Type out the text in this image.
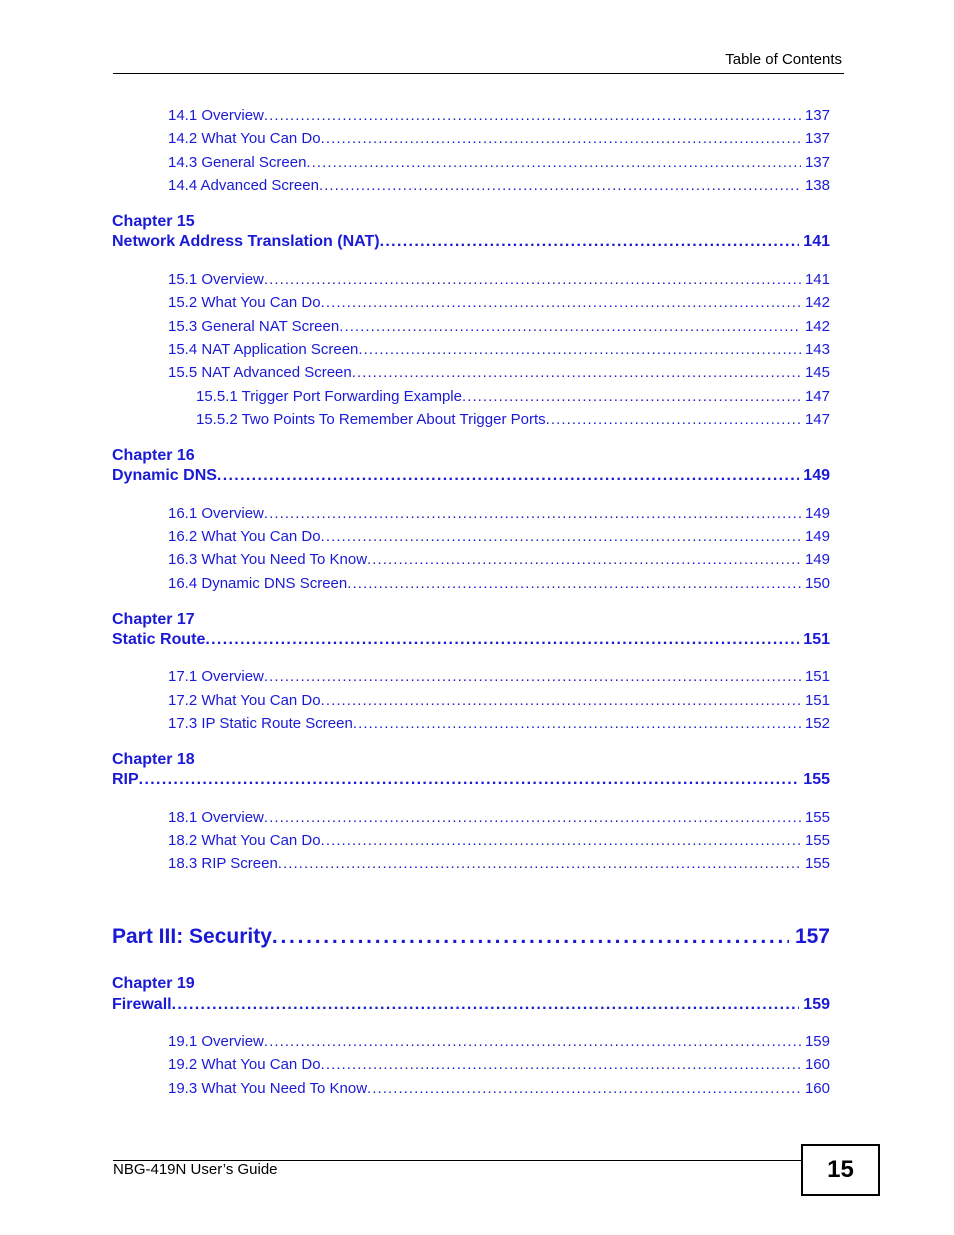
Table of Contents
14.1 Overview . . .	137
14.2 What You Can Do . . .	137
14.3 General Screen . . .	137
14.4 Advanced Screen . . .	138
Chapter 15
Network Address Translation (NAT) . . .	141
15.1 Overview . . .	141
15.2 What You Can Do . . .	142
15.3 General NAT Screen . . .	142
15.4 NAT Application Screen . . .	143
15.5 NAT Advanced Screen . . .	145
15.5.1 Trigger Port Forwarding Example . . .	147
15.5.2 Two Points To Remember About Trigger Ports . . .	147
Chapter 16
Dynamic DNS . . .	149
16.1 Overview . . .	149
16.2 What You Can Do . . .	149
16.3 What You Need To Know . . .	149
16.4 Dynamic DNS Screen . . .	150
Chapter 17
Static Route . . .	151
17.1 Overview . . .	151
17.2 What You Can Do . . .	151
17.3 IP Static Route Screen . . .	152
Chapter 18
RIP . . .	155
18.1 Overview . . .	155
18.2 What You Can Do . . .	155
18.3 RIP Screen . . .	155
Part III: Security . . .	157
Chapter 19
Firewall . . .	159
19.1 Overview . . .	159
19.2 What You Can Do . . .	160
19.3 What You Need To Know . . .	160
NBG-419N User’s Guide	15
